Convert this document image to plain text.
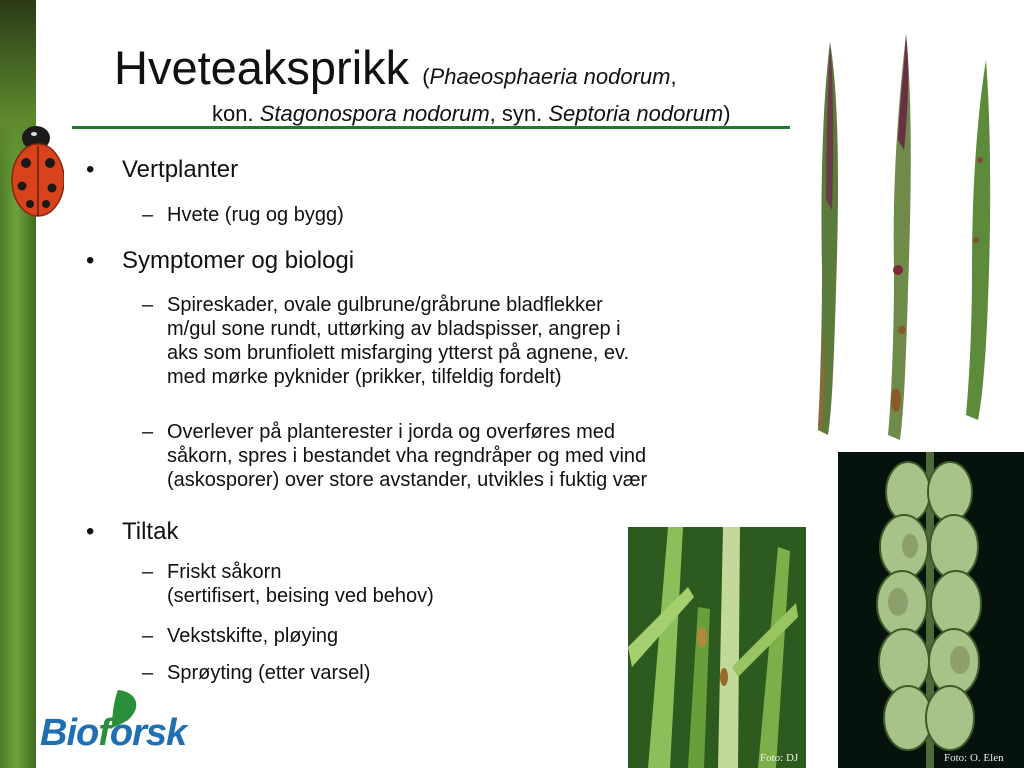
Hveteaksprikk (Phaeosphaeria nodorum,
kon. Stagonospora nodorum, syn. Septoria nodorum)
• Vertplanter
– Hvete (rug og bygg)
• Symptomer og biologi
– Spireskader, ovale gulbrune/gråbrune bladflekker
m/gul sone rundt, uttørking av bladspisser, angrep i
aks som brunfiolett misfarging ytterst på agnene, ev.
med mørke pyknider (prikker, tilfeldig fordelt)
– Overlever på planterester i jorda og overføres med
såkorn, spres i bestandet vha regndråper og med vind
(askosporer) over store avstander, utvikles i fuktig vær
• Tiltak
– Friskt såkorn
(sertifisert, beising ved behov)
– Vekstskifte, pløying
– Sprøyting (etter varsel)
Foto: O. Elen
Foto: DJ
Bioforsk
